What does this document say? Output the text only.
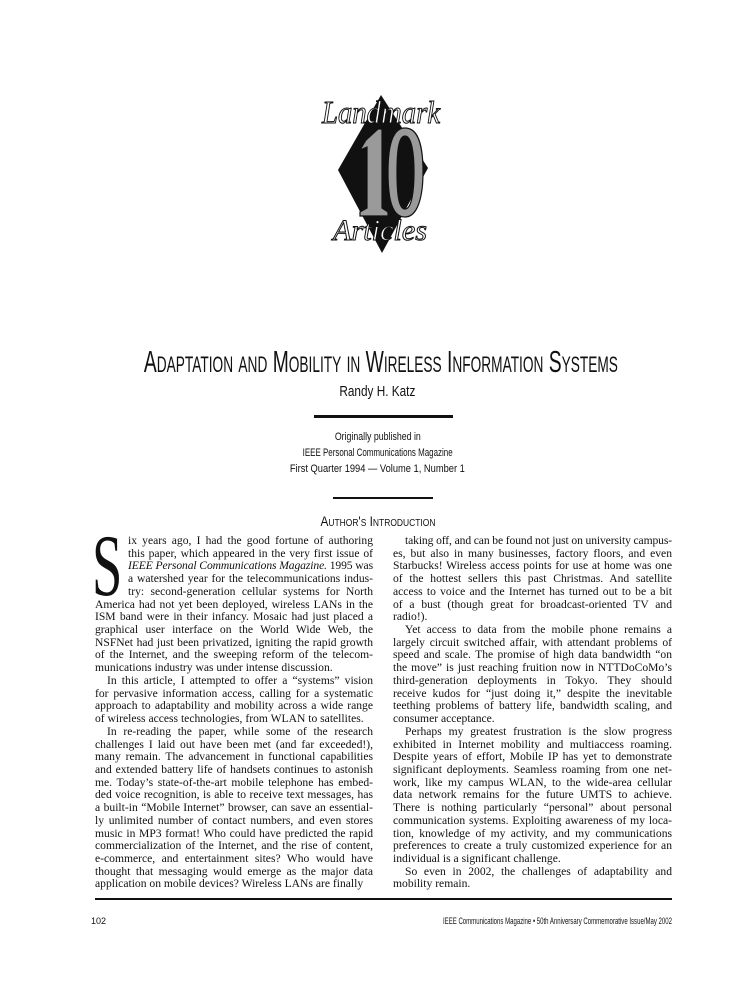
Landmark
Articles
Adaptation and Mobility in Wireless Information Systems
Randy H. Katz
Originally published in
IEEE Personal Communications Magazine
First Quarter 1994 — Volume 1, Number 1
Author's Introduction
S ix years ago, I had the good fortune of authoring
this paper, which appeared in the very first issue of
IEEE Personal Communications Magazine. 1995 was
a watershed year for the telecommunications indus-
try: second-generation cellular systems for North
America had not yet been deployed, wireless LANs in the
ISM band were in their infancy. Mosaic had just placed a
graphical user interface on the World Wide Web, the
NSFNet had just been privatized, igniting the rapid growth
of the Internet, and the sweeping reform of the telecom-
munications industry was under intense discussion.
In this article, I attempted to offer a “systems” vision
for pervasive information access, calling for a systematic
approach to adaptability and mobility across a wide range
of wireless access technologies, from WLAN to satellites.
In re-reading the paper, while some of the research
challenges I laid out have been met (and far exceeded!),
many remain. The advancement in functional capabilities
and extended battery life of handsets continues to astonish
me. Today’s state-of-the-art mobile telephone has embed-
ded voice recognition, is able to receive text messages, has
a built-in “Mobile Internet” browser, can save an essential-
ly unlimited number of contact numbers, and even stores
music in MP3 format! Who could have predicted the rapid
commercialization of the Internet, and the rise of content,
e-commerce, and entertainment sites? Who would have
thought that messaging would emerge as the major data
application on mobile devices? Wireless LANs are finally
taking off, and can be found not just on university campus-
es, but also in many businesses, factory floors, and even
Starbucks! Wireless access points for use at home was one
of the hottest sellers this past Christmas. And satellite
access to voice and the Internet has turned out to be a bit
of a bust (though great for broadcast-oriented TV and
radio!).
Yet access to data from the mobile phone remains a
largely circuit switched affair, with attendant problems of
speed and scale. The promise of high data bandwidth “on
the move” is just reaching fruition now in NTTDoCoMo’s
third-generation deployments in Tokyo. They should
receive kudos for “just doing it,” despite the inevitable
teething problems of battery life, bandwidth scaling, and
consumer acceptance.
Perhaps my greatest frustration is the slow progress
exhibited in Internet mobility and multiaccess roaming.
Despite years of effort, Mobile IP has yet to demonstrate
significant deployments. Seamless roaming from one net-
work, like my campus WLAN, to the wide-area cellular
data network remains for the future UMTS to achieve.
There is nothing particularly “personal” about personal
communication systems. Exploiting awareness of my loca-
tion, knowledge of my activity, and my communications
preferences to create a truly customized experience for an
individual is a significant challenge.
So even in 2002, the challenges of adaptability and
mobility remain.
102	IEEE Communications Magazine • 50th Anniversary Commemorative Issue/May 2002
